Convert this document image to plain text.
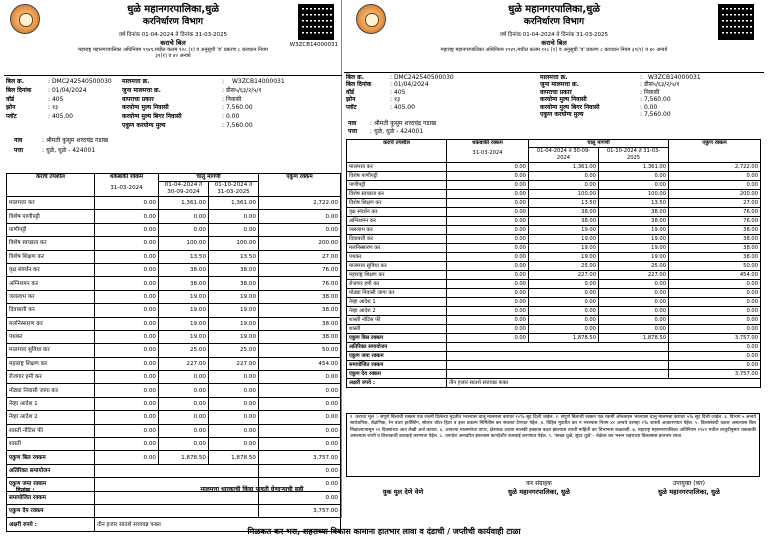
W3ZCB14000031
धुळे महानगरपालिका,धुळे
करनिर्धारण विभाग
वर्ष दिनांक 01-04-2024 ते दिनांक 31-03-2025
कराचे बिल
महाराष्ट्र महानगरपालिका अधिनियम १९४९,मधील कलम १२८ (१) व अनुसूची 'ड' प्रकरण ८ कराधान नियम
३९(१) व ४० अन्वये
बिल क्र.	: DMC242540500030
बिल दिनांक	: 01/04/2024
वॉर्ड	: 405
झोन	: १३
प्लॉट	: 405.00
मालमत्ता क्र.	: W3ZCB14000031
जुना मालमत्ता क्र.	: डीस५/६३/२/५/१
वापराचा प्रकार	: निवासी
करयोग्य मुल्य निवासी	: 7,560.00
करयोग्य मुल्य बिगर निवासी	: 0.00
एकुण करयोग्य मुल्य	: 7,560.00
नाव	: श्रीमती कुसुम शरदचंद्र गडाख
पत्ता	: धुळे, धुळे - 424001
कराचे तपशील	थकबाकी रक्कम
31-03-2024	चालु मागणी		एकुण रक्कम
		01-04-2024 ते 30-09-2024	01-10-2024 ते 31-03-2025	
मालमत्ता कर	0.00	1,361.00	1,361.00	2,722.00
विशेष पाणीपट्टी	0.00	0.00	0.00	0.00
पाणीपट्टी	0.00	0.00	0.00	0.00
विशेष स्वच्छता कर	0.00	100.00	100.00	200.00
विशेष शिक्षण कर	0.00	13.50	13.50	27.00
वृक्ष संवर्धन कर	0.00	38.00	38.00	76.00
अग्निशमन कर	0.00	38.00	38.00	76.00
जललाभ कर	0.00	19.00	19.00	38.00
दिवाबत्ती कर	0.00	19.00	19.00	38.00
मलनिस्सारण कर	0.00	19.00	19.00	38.00
पथकर	0.00	19.00	19.00	38.00
मालमत्ता सुविधा कर	0.00	25.00	25.00	50.00
महाराष्ट्र शिक्षण कर	0.00	227.00	227.00	454.00
रोजगार हमी कर	0.00	0.00	0.00	0.00
मोठ्या निवासी जागा कर	0.00	0.00	0.00	0.00
नेव्हा आदेश 1	0.00	0.00	0.00	0.00
नेव्हा आदेश 2	0.00	0.00	0.00	0.00
शास्ती नोटिस फी	0.00	0.00	0.00	0.00
शास्ती	0.00	0.00	0.00	0.00
एकुण बिल रक्कम	0.00	1,878.50	1,878.50	3,757.00
अतिरिक्त समायोजन				0.00
एकुण जमा रक्कम				0.00
समायोजित रक्कम				0.00
एकुण देय रक्कम				3,757.00
अक्षरी रुपये :	तीन हजार सातशे सत्तावन्न फक्त			
दिनांक :	मालमत्ता धारकाची किंवा पावती घेणाऱ्याची सही
धुळे महानगरपालिका,धुळे
करनिर्धारण विभाग
वर्ष दिनांक 01-04-2024 ते दिनांक 31-03-2025
कराचे बिल
महाराष्ट्र महानगरपालिका अधिनियम १९४९,मधील कलम १२८ (१) व अनुसूची 'ड' प्रकरण ८ कराधान नियम ३९(१) व ४० अन्वये
बिल क्र.	: DMC242540500030
बिल दिनांक	: 01/04/2024
वॉर्ड	: 405
झोन	: १३
प्लॉट	: 405.00
मालमत्ता क्र.	: W3ZCB14000031
जुना मालमत्ता क्र.	: डीस५/६३/२/५/१
वापराचा प्रकार	: निवासी
करयोग्य मुल्य निवासी	: 7,560.00
करयोग्य मुल्य बिगर निवासी	: 0.00
एकुण करयोग्य मुल्य	: 7,560.00
नाव : श्रीमती कुसुम शरदचंद्र गडाख
पत्ता : धुळे, धुळे - 424001
कराचे तपशील	थकबाकी रक्कम
31-03-2024	चालु मागणी		एकुण रक्कम
		01-04-2024 ते 30-09-2024	01-10-2024 ते 31-03-2025	
मालमत्ता कर	0.00	1,361.00	1,361.00	2,722.00
विशेष पाणीपट्टी	0.00	0.00	0.00	0.00
पाणीपट्टी	0.00	0.00	0.00	0.00
विशेष स्वच्छता कर	0.00	100.00	100.00	200.00
विशेष शिक्षण कर	0.00	13.50	13.50	27.00
वृक्ष संवर्धन कर	0.00	38.00	38.00	76.00
अग्निशमन कर	0.00	38.00	38.00	76.00
जललाभ कर	0.00	19.00	19.00	38.00
दिवाबत्ती कर	0.00	19.00	19.00	38.00
मलनिस्सारण कर	0.00	19.00	19.00	38.00
पथकर	0.00	19.00	19.00	38.00
मालमत्ता सुविधा कर	0.00	25.00	25.00	50.00
महाराष्ट्र शिक्षण कर	0.00	227.00	227.00	454.00
रोजगार हमी कर	0.00	0.00	0.00	0.00
मोठ्या निवासी जागा कर	0.00	0.00	0.00	0.00
नेव्हा आदेश 1	0.00	0.00	0.00	0.00
नेव्हा आदेश 2	0.00	0.00	0.00	0.00
शास्ती नोटिस फी	0.00	0.00	0.00	0.00
शास्ती	0.00	0.00	0.00	0.00
एकुण बिल रक्कम	0.00	1,878.50	1,878.50	3,757.00
अतिरिक्त समायोजन				0.00
एकुण जमा रक्कम				0.00
समायोजित रक्कम				0.00
एकुण देय रक्कम				3,757.00
अक्षरी रुपये :	तीन हजार सातशे सत्तावन्न फक्त			
१. कराचा भूल :- संपूर्ण बिलाची रक्कम एक रकमी दिलेल्या मुदतीत भरल्यास चालू मालमत्ता करावर १०% सूट दिली जाईल. २. संपूर्ण बिलाची रक्कम एक रकमी ऑनलाइन भरल्यास चालू मालमत्ता करावर ५% सूट दिली जाईल. ३. विभाग ५ अन्वये सार्वजनिक, शैक्षणिक, रेन वाटर हार्वेस्टिंग, सोलार वॉटर हिटर व इतर प्रकल्प निर्मितीस कर सवलत देण्यात येईल. ४. विहित मुदतीत कर न भरल्यास नियम ४१ अन्वये दरमहा २% शास्ती आकारण्यात येईल. ५. बिलासंबंधी तक्रार असल्यास बिल मिळाल्यापासून २१ दिवसांच्या आत लेखी अर्ज करावा. ६. आपल्या मालमत्तेचा वापर, क्षेत्रफळ अथवा मालकी हक्कात बदल झाल्यास त्याची माहिती कर विभागास कळवावी. ७. महाराष्ट्र महानगरपालिका अधिनियम १९४९ मधील तरतुदीनुसार थकबाकी असल्यास जप्ती व लिलावाची कारवाई करण्यात येईल. ८. धनादेश अनादरित झाल्यास कायदेशीर कारवाई करण्यात येईल. ९. 'स्वच्छ धुळे, सुंदर धुळे' - वेळेवर कर भरून शहराच्या विकासास हातभार लावा.
युक मुल देणे येणे
कर संग्राहक
धुळे महानगरपालिका, धुळे
उपायुक्त (कर)
धुळे महानगरपालिका, धुळे
मिळकत कर भरा, शहराच्या विकास कामाना हातभार लावा व दंडाची / जप्तीची कार्यवाही टाळा
